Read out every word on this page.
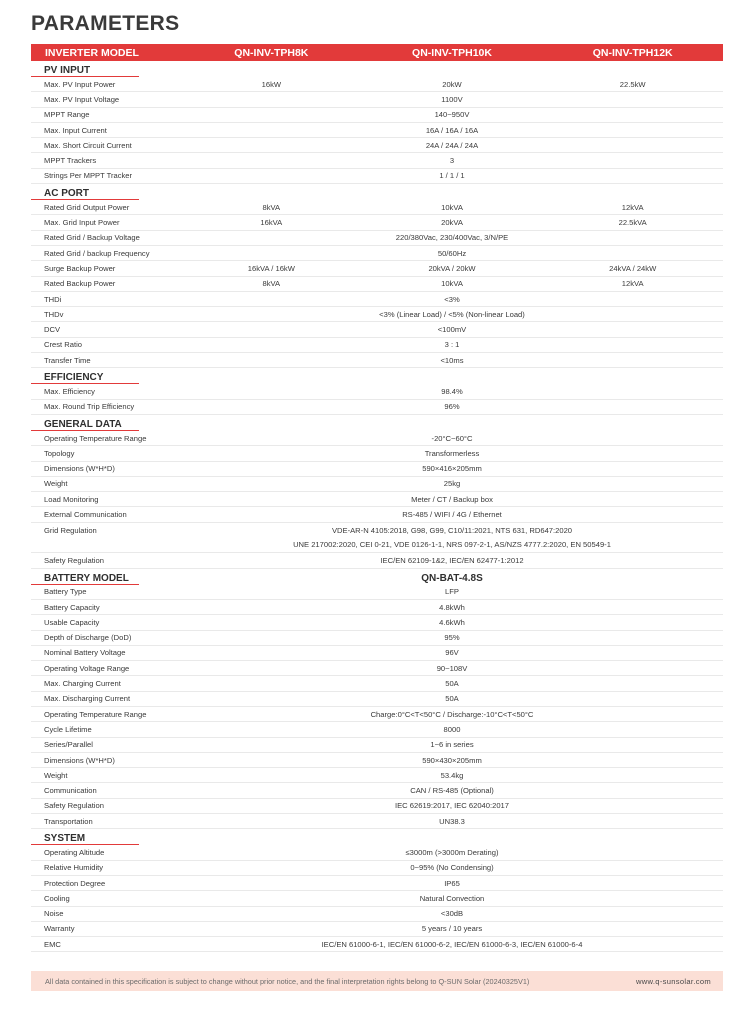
PARAMETERS
INVERTER MODEL	QN-INV-TPH8K	QN-INV-TPH10K	QN-INV-TPH12K
PV INPUT
Max. PV Input Power	16kW	20kW	22.5kW
Max. PV Input Voltage	1100V
MPPT Range	140~950V
Max. Input Current	16A / 16A / 16A
Max. Short Circuit Current	24A / 24A / 24A
MPPT Trackers	3
Strings Per MPPT Tracker	1 / 1 / 1
AC PORT
Rated Grid Output Power	8kVA	10kVA	12kVA
Max. Grid Input Power	16kVA	20kVA	22.5kVA
Rated Grid / Backup Voltage	220/380Vac, 230/400Vac, 3/N/PE
Rated Grid / backup Frequency	50/60Hz
Surge Backup Power	16kVA / 16kW	20kVA / 20kW	24kVA / 24kW
Rated Backup Power	8kVA	10kVA	12kVA
THDi	<3%
THDv	<3% (Linear Load) / <5% (Non-linear Load)
DCV	<100mV
Crest Ratio	3 : 1
Transfer Time	<10ms
EFFICIENCY
Max. Efficiency	98.4%
Max. Round Trip Efficiency	96%
GENERAL DATA
Operating Temperature Range	-20°C~60°C
Topology	Transformerless
Dimensions (W*H*D)	590×416×205mm
Weight	25kg
Load Monitoring	Meter / CT / Backup box
External Communication	RS-485 / WIFI / 4G / Ethernet
Grid Regulation	VDE-AR-N 4105:2018, G98, G99, C10/11:2021, NTS 631, RD647:2020
UNE 217002:2020, CEI 0-21, VDE 0126-1-1, NRS 097-2-1, AS/NZS 4777.2:2020, EN 50549-1
Safety Regulation	IEC/EN 62109-1&2, IEC/EN 62477-1:2012
BATTERY MODEL	QN-BAT-4.8S
Battery Type	LFP
Battery Capacity	4.8kWh
Usable Capacity	4.6kWh
Depth of Discharge (DoD)	95%
Nominal Battery Voltage	96V
Operating Voltage Range	90~108V
Max. Charging Current	50A
Max. Discharging Current	50A
Operating Temperature Range	Charge:0°C<T<50°C / Discharge:-10°C<T<50°C
Cycle Lifetime	8000
Series/Parallel	1~6 in series
Dimensions (W*H*D)	590×430×205mm
Weight	53.4kg
Communication	CAN / RS-485 (Optional)
Safety Regulation	IEC 62619:2017, IEC 62040:2017
Transportation	UN38.3
SYSTEM
Operating Altitude	≤3000m (>3000m Derating)
Relative Humidity	0~95% (No Condensing)
Protection Degree	IP65
Cooling	Natural Convection
Noise	<30dB
Warranty	5 years / 10 years
EMC	IEC/EN 61000-6-1, IEC/EN 61000-6-2, IEC/EN 61000-6-3, IEC/EN 61000-6-4
All data contained in this specification is subject to change without prior notice, and the final interpretation rights belong to Q-SUN Solar (20240325V1)	www.q-sunsolar.com
